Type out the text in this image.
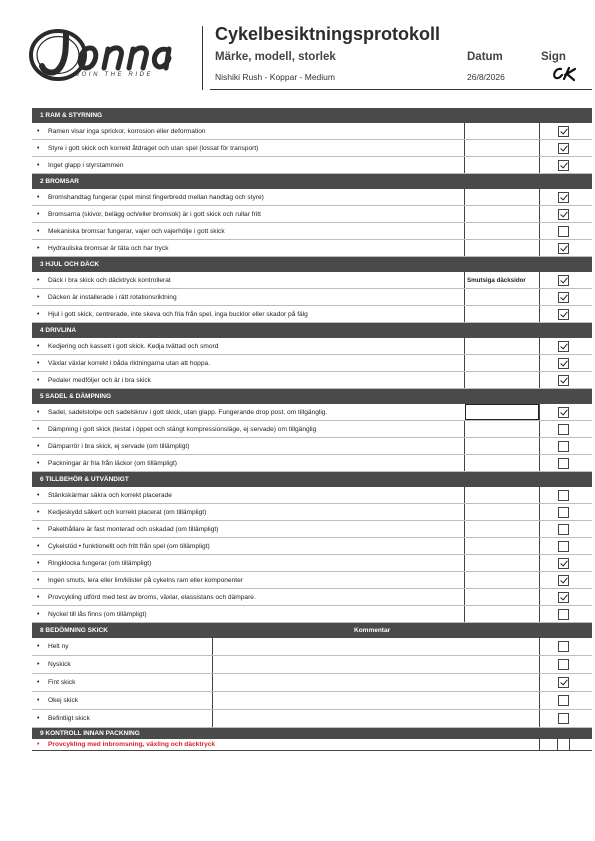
JOIN THE RIDE
Cykelbesiktningsprotokoll
Märke, modell, storlek	Datum	Sign
Nishiki Rush - Koppar - Medium	26/8/2026
1 RAM & STYRNING
• Ramen visar inga sprickor, korrosion eller deformation
• Styre i gott skick och korrekt åtdraget och utan spel (lossat för transport)
• Inget glapp i styrstammen
2 BROMSAR
• Bromshandtag fungerar (spel minst fingerbredd mellan handtag och styre)
• Bromsarna (skivor, belägg och/eller bromsok) är i gott skick och rullar fritt
• Mekaniska bromsar fungerar, vajer och vajerhölje i gott skick
• Hydrauliska bromsar är täta och har tryck
3 HJUL OCH DÄCK
• Däck i bra skick och däcktryck kontrollerat	Smutsiga däcksidor
• Däcken är installerade i rätt rotationsriktning
• Hjul i gott skick, centrerade, inte skeva och fria från spel, inga bucklor eller skador på fälg
4 DRIVLINA
• Kedjering och kassett i gott skick. Kedja tvättad och smord
• Växlar växlar korrekt i båda riktningarna utan att hoppa.
• Pedaler medföljer och är i bra skick
5 SADEL & DÄMPNING
• Sadel, sadelstolpe och sadelskruv i gott skick, utan glapp. Fungerande drop post, om tillgänglig.
• Dämpning i gott skick (testat i öppet och stängt kompressionsläge, ej servade) om tillgänglig
• Dämparrör i bra skick, ej servade (om tillämpligt)
• Packningar är fria från läckor (om tillämpligt)
6 TILLBEHÖR & UTVÄNDIGT
• Stänkskärmar säkra och korrekt placerade
• Kedjeskydd säkert och korrekt placerat (om tillämpligt)
• Pakethållare är fast monterad och oskadad (om tillämpligt)
• Cykelstöd • funktionellt och fritt från spel (om tillämpligt)
• Ringklocka fungerar (om tillämpligt)
• Ingen smuts, lera eller lim/klister på cykelns ram eller komponenter
• Provcykling utförd med test av broms, växlar, elassistans och dämpare.
• Nyckel till lås finns (om tillämpligt)
8 BEDÖMNING SKICK	Kommentar
• Helt ny
• Nyskick
• Fint skick
• Okej skick
• Befintligt skick
9 KONTROLL INNAN PACKNING
• Provcykling med inbromsning, växling och däcktryck
